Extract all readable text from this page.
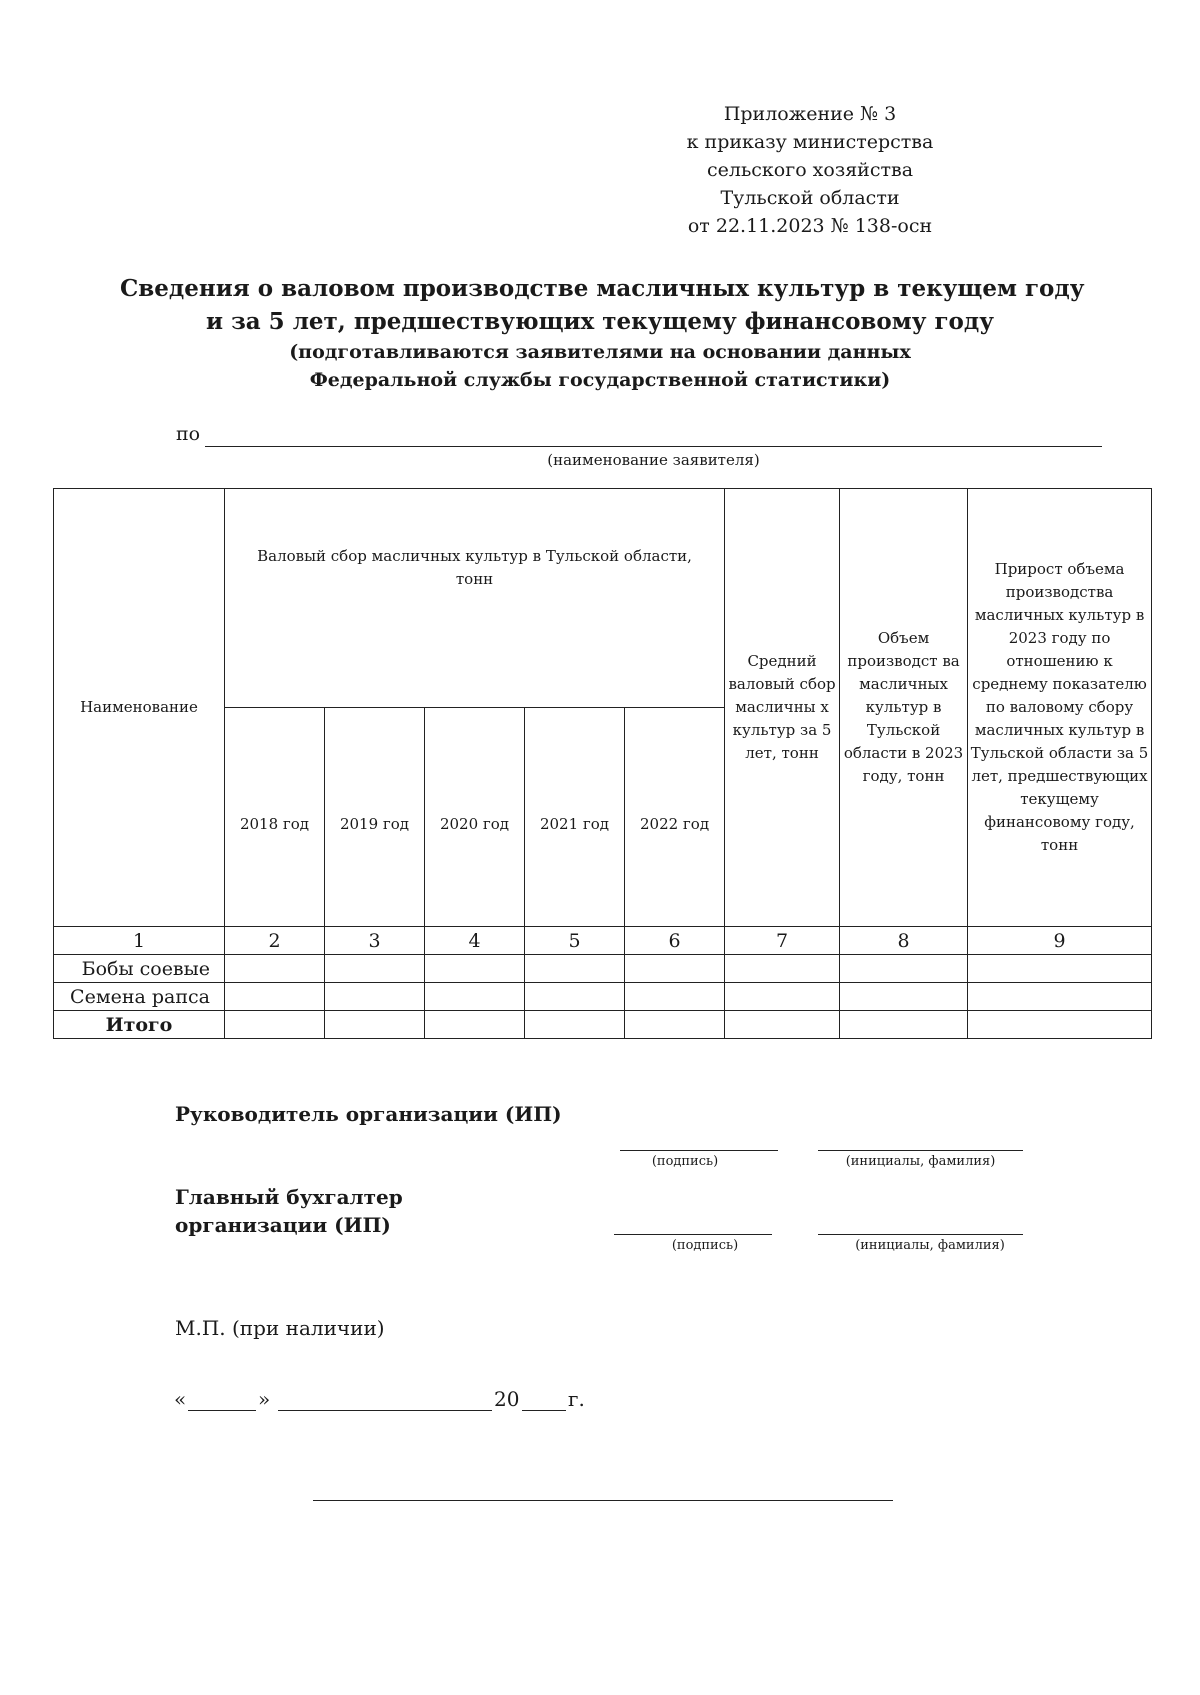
Приложение № 3
к приказу министерства
сельского хозяйства
Тульской области
от 22.11.2023 № 138-осн
Сведения о валовом производстве масличных культур в текущем году
и за 5 лет, предшествующих текущему финансовому году
(подготавливаются заявителями на основании данных
Федеральной службы государственной статистики)
по
(наименование заявителя)
Наименование	Валовый сбор масличных культур в Тульской области, тонн					Средний валовый сбор масличны х культур за 5 лет, тонн	Объем производст ва масличных культур в Тульской области в 2023 году, тонн	Прирост объема производства масличных культур в 2023 году по отношению к среднему показателю по валовому сбору масличных культур в Тульской области за 5 лет, предшествующих текущему финансовому году, тонн
	2018 год	2019 год	2020 год	2021 год	2022 год			
1	2	3	4	5	6	7	8	9
Бобы соевые								
Семена рапса								
Итого								
Руководитель организации (ИП)
(подпись)	(инициалы, фамилия)
Главный бухгалтер
организации (ИП)
(подпись)	(инициалы, фамилия)
М.П. (при наличии)
«	»	20 г.
